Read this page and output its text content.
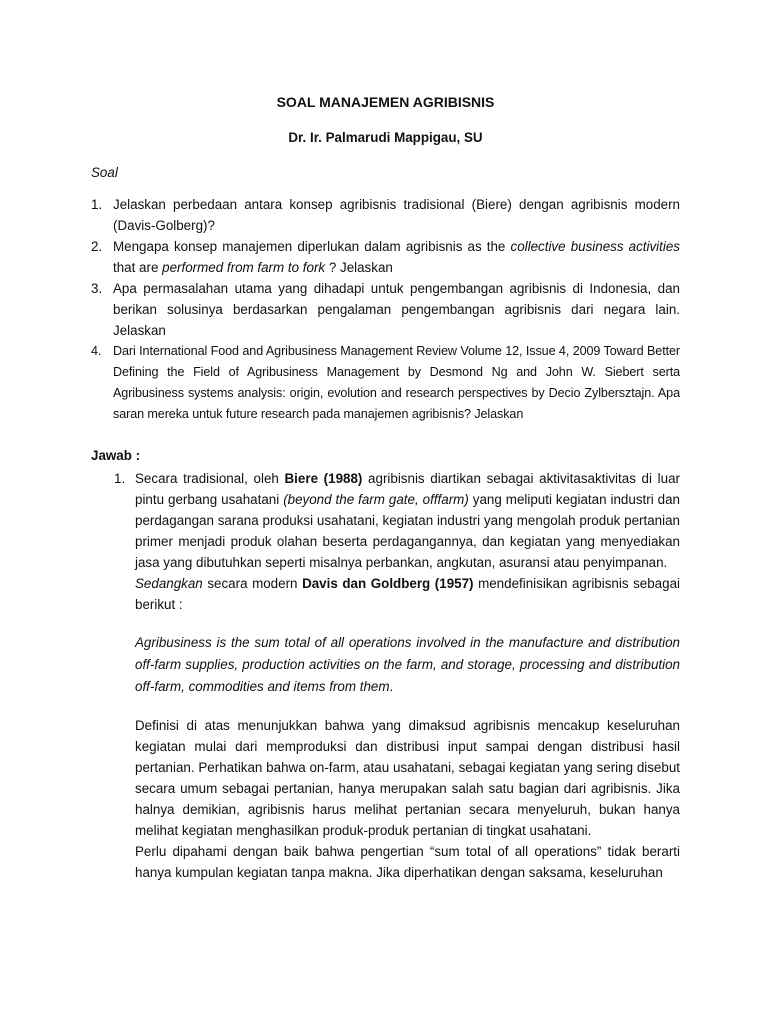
SOAL MANAJEMEN AGRIBISNIS
Dr. Ir. Palmarudi Mappigau, SU
Soal
1. Jelaskan perbedaan antara konsep agribisnis tradisional (Biere) dengan agribisnis modern (Davis-Golberg)?
2. Mengapa konsep manajemen diperlukan dalam agribisnis as the collective business activities that are performed from farm to fork ? Jelaskan
3. Apa permasalahan utama yang dihadapi untuk pengembangan agribisnis di Indonesia, dan berikan solusinya berdasarkan pengalaman pengembangan agribisnis dari negara lain. Jelaskan
4. Dari International Food and Agribusiness Management Review Volume 12, Issue 4, 2009 Toward Better Defining the Field of Agribusiness Management by Desmond Ng and John W. Siebert serta Agribusiness systems analysis: origin, evolution and research perspectives by Decio Zylbersztajn. Apa saran mereka untuk future research pada manajemen agribisnis? Jelaskan
Jawab :
1. Secara tradisional, oleh Biere (1988) agribisnis diartikan sebagai aktivitasaktivitas di luar pintu gerbang usahatani (beyond the farm gate, offfarm) yang meliputi kegiatan industri dan perdagangan sarana produksi usahatani, kegiatan industri yang mengolah produk pertanian primer menjadi produk olahan beserta perdagangannya, dan kegiatan yang menyediakan jasa yang dibutuhkan seperti misalnya perbankan, angkutan, asuransi atau penyimpanan.

Sedangkan secara modern Davis dan Goldberg (1957) mendefinisikan agribisnis sebagai berikut :

Agribusiness is the sum total of all operations involved in the manufacture and distribution off-farm supplies, production activities on the farm, and storage, processing and distribution off-farm, commodities and items from them.

Definisi di atas menunjukkan bahwa yang dimaksud agribisnis mencakup keseluruhan kegiatan mulai dari memproduksi dan distribusi input sampai dengan distribusi hasil pertanian. Perhatikan bahwa on-farm, atau usahatani, sebagai kegiatan yang sering disebut secara umum sebagai pertanian, hanya merupakan salah satu bagian dari agribisnis. Jika halnya demikian, agribisnis harus melihat pertanian secara menyeluruh, bukan hanya melihat kegiatan menghasilkan produk-produk pertanian di tingkat usahatani.

Perlu dipahami dengan baik bahwa pengertian “sum total of all operations” tidak berarti hanya kumpulan kegiatan tanpa makna. Jika diperhatikan dengan saksama, keseluruhan
